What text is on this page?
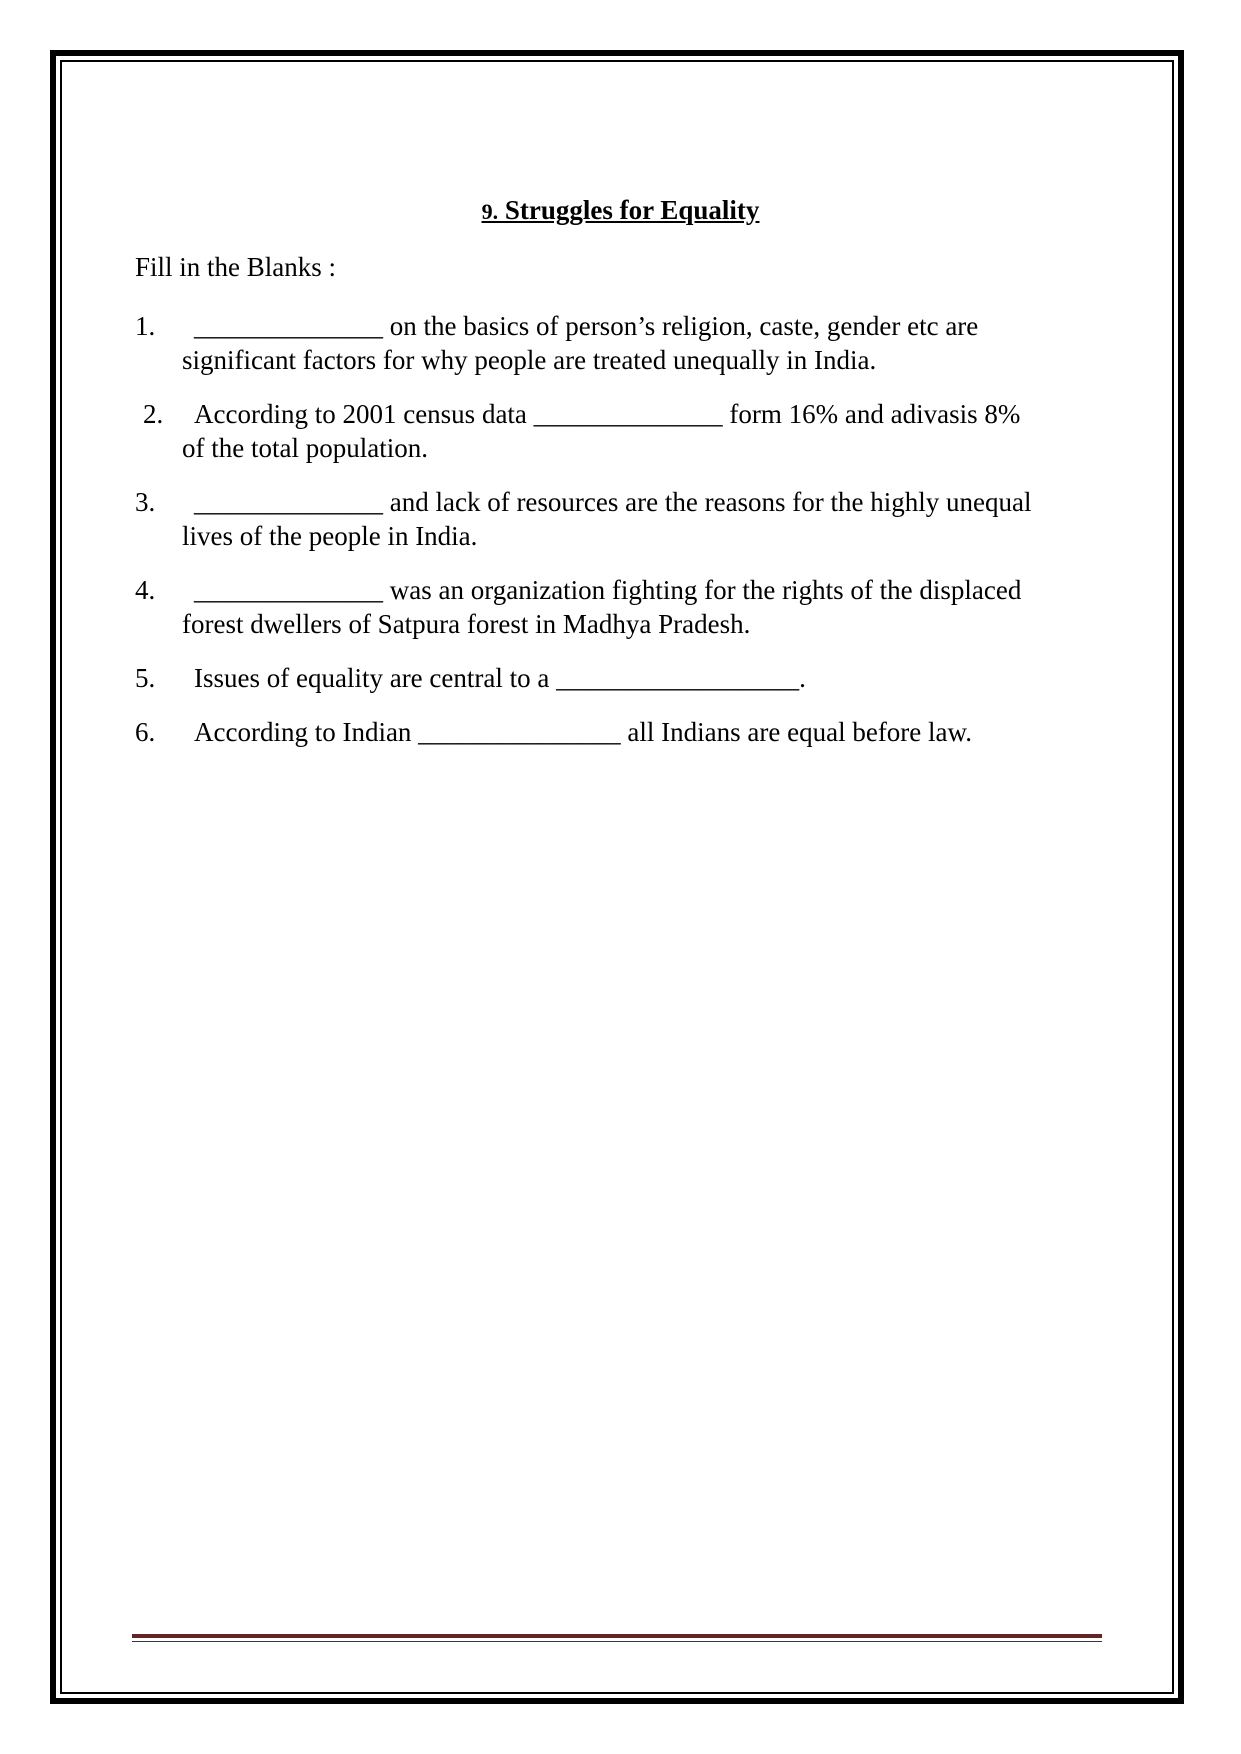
9. Struggles for Equality
Fill in the Blanks :
1.	______________ on the basics of person’s religion, caste, gender etc are
significant factors for why people are treated unequally in India.
2.	According to 2001 census data ______________ form 16% and adivasis 8%
of the total population.
3.	______________ and lack of resources are the reasons for the highly unequal
lives of the people in India.
4.	______________ was an organization fighting for the rights of the displaced
forest dwellers of Satpura forest in Madhya Pradesh.
5.	Issues of equality are central to a __________________.
6.	According to Indian _______________ all Indians are equal before law.
